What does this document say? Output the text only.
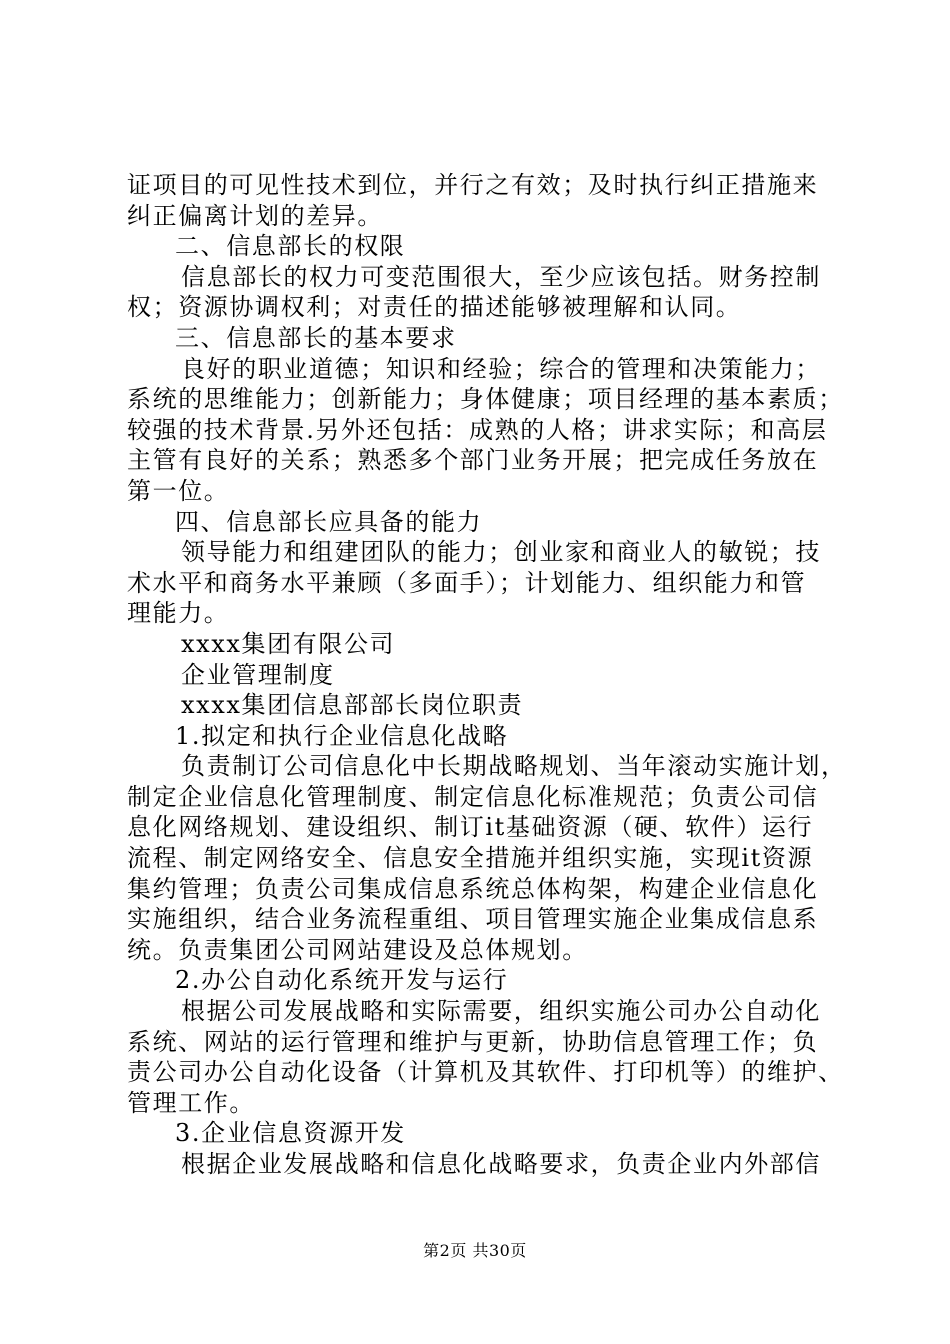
证项目的可见性技术到位，并行之有效；及时执行纠正措施来
纠正偏离计划的差异。
二、信息部长的权限
信息部长的权力可变范围很大，至少应该包括。财务控制
权；资源协调权利；对责任的描述能够被理解和认同。
三、信息部长的基本要求
良好的职业道德；知识和经验；综合的管理和决策能力；
系统的思维能力；创新能力；身体健康；项目经理的基本素质；
较强的技术背景.另外还包括：成熟的人格；讲求实际；和高层
主管有良好的关系；熟悉多个部门业务开展；把完成任务放在
第一位。
四、信息部长应具备的能力
领导能力和组建团队的能力；创业家和商业人的敏锐；技
术水平和商务水平兼顾（多面手）；计划能力、组织能力和管
理能力。
xxxx集团有限公司
企业管理制度
xxxx集团信息部部长岗位职责
1.拟定和执行企业信息化战略
负责制订公司信息化中长期战略规划、当年滚动实施计划，
制定企业信息化管理制度、制定信息化标准规范；负责公司信
息化网络规划、建设组织、制订it基础资源（硬、软件）运行
流程、制定网络安全、信息安全措施并组织实施，实现it资源
集约管理；负责公司集成信息系统总体构架，构建企业信息化
实施组织，结合业务流程重组、项目管理实施企业集成信息系
统。负责集团公司网站建设及总体规划。
2.办公自动化系统开发与运行
根据公司发展战略和实际需要，组织实施公司办公自动化
系统、网站的运行管理和维护与更新，协助信息管理工作；负
责公司办公自动化设备（计算机及其软件、打印机等）的维护、
管理工作。
3.企业信息资源开发
根据企业发展战略和信息化战略要求，负责企业内外部信
第2页 共30页
